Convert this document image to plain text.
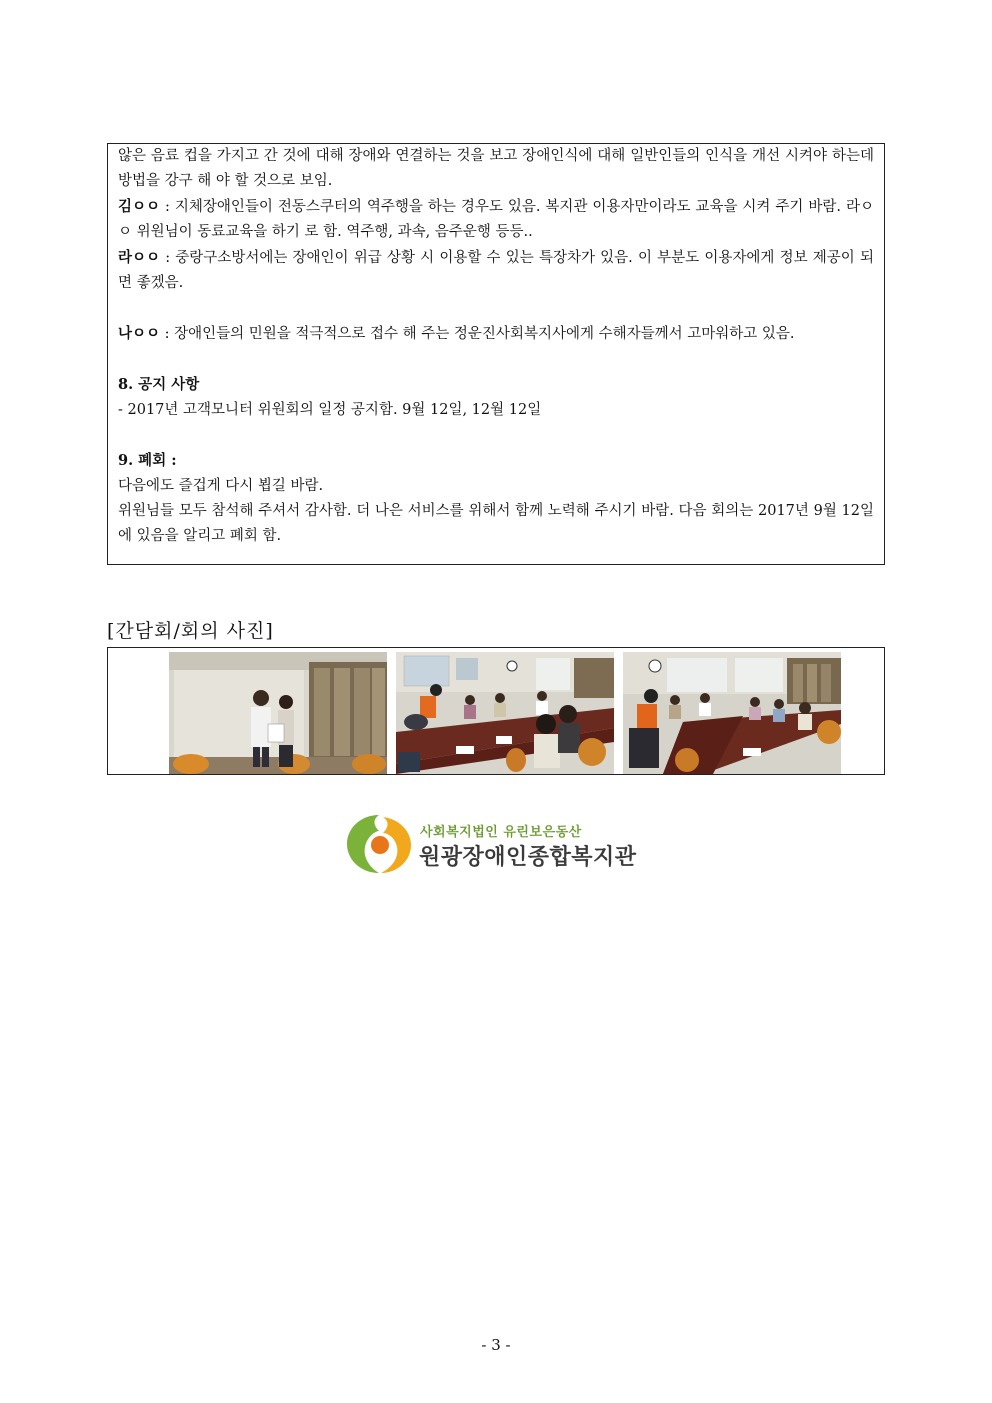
않은 음료 컵을 가지고 간 것에 대해 장애와 연결하는 것을 보고 장애인식에 대해 일반인들의 인식을 개선 시켜야 하는데 방법을 강구 해 야 할 것으로 보임.

김ㅇㅇ : 지체장애인들이 전동스쿠터의 역주행을 하는 경우도 있음. 복지관 이용자만이라도 교육을 시켜 주기 바람. 라ㅇㅇ 위원님이 동료교육을 하기 로 함. 역주행, 과속, 음주운행 등등..

라ㅇㅇ : 중랑구소방서에는 장애인이 위급 상황 시 이용할 수 있는 특장차가 있음. 이 부분도 이용자에게 정보 제공이 되면 좋겠음.

나ㅇㅇ : 장애인들의 민원을 적극적으로 접수 해 주는 정운진사회복지사에게 수해자들께서 고마워하고 있음.

8. 공지 사항

- 2017년 고객모니터 위원회의 일정 공지함. 9월 12일, 12월 12일

9. 폐회 :

다음에도 즐겁게 다시 뵙길 바람.

위원님들 모두 참석해 주셔서 감사함. 더 나은 서비스를 위해서 함께 노력해 주시기 바람. 다음 회의는 2017년 9월 12일에 있음을 알리고 폐회 함.

[간담회/회의 사진]
사회복지법인 유린보은동산
원광장애인종합복지관
- 3 -
